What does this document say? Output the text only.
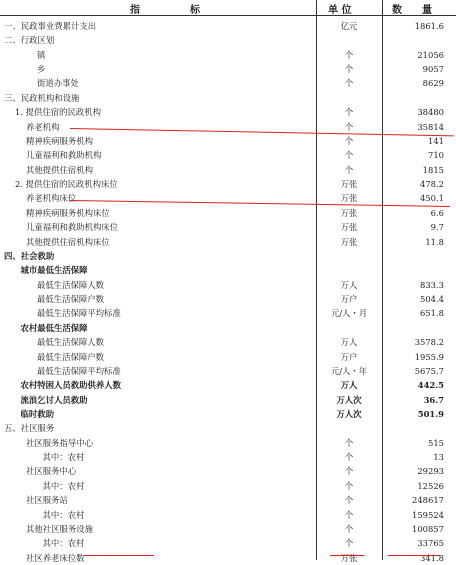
指　　　　　标	单 位	数　　量
一、民政事业费累计支出	亿元	1861.6
二、行政区划
镇	个	21056
乡	个	9057
街道办事处	个	8629
三、民政机构和设施
1. 提供住宿的民政机构	个	38480
养老机构	个	35814
精神疾病服务机构	个	141
儿童福利和救助机构	个	710
其他提供住宿机构	个	1815
2. 提供住宿的民政机构床位	万张	478.2
养老机构床位	万张	450.1
精神疾病服务机构床位	万张	6.6
儿童福利和救助机构床位	万张	9.7
其他提供住宿机构床位	万张	11.8
四、社会救助
城市最低生活保障
最低生活保障人数	万人	833.3
最低生活保障户数	万户	504.4
最低生活保障平均标准	元/人・月	651.8
农村最低生活保障
最低生活保障人数	万人	3578.2
最低生活保障户数	万户	1955.9
最低生活保障平均标准	元/人・年	5675.7
农村特困人员救助供养人数	万人	442.5
流浪乞讨人员救助	万人次	36.7
临时救助	万人次	501.9
五、社区服务
社区服务指导中心	个	515
其中：农村	个	13
社区服务中心	个	29293
其中：农村	个	12526
社区服务站	个	248617
其中：农村	个	159524
其他社区服务设施	个	100857
其中：农村	个	33765
社区养老床位数	万张	341.8
